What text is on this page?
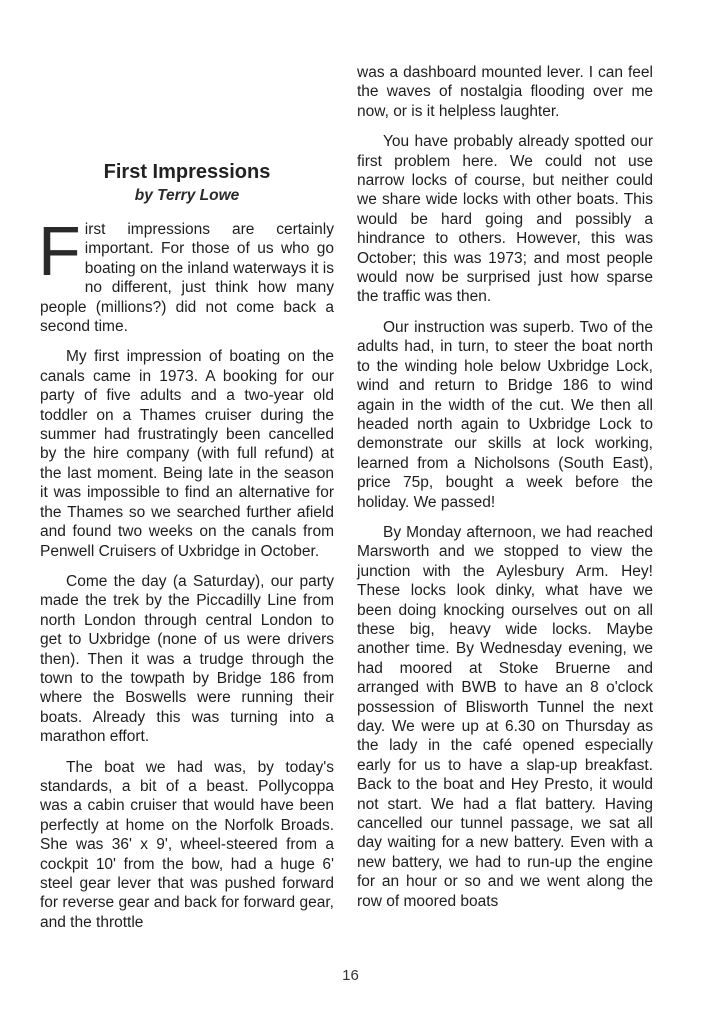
First Impressions
by Terry Lowe

First impressions are certainly important. For those of us who go boating on the inland waterways it is no different, just think how many people (millions?) did not come back a second time.

My first impression of boating on the canals came in 1973. A booking for our party of five adults and a two-year old toddler on a Thames cruiser during the summer had frustratingly been cancelled by the hire company (with full refund) at the last moment. Being late in the season it was impossible to find an alternative for the Thames so we searched further afield and found two weeks on the canals from Penwell Cruisers of Uxbridge in October.

Come the day (a Saturday), our party made the trek by the Piccadilly Line from north London through central London to get to Uxbridge (none of us were drivers then). Then it was a trudge through the town to the towpath by Bridge 186 from where the Boswells were running their boats. Already this was turning into a marathon effort.

The boat we had was, by today's standards, a bit of a beast. Pollycoppa was a cabin cruiser that would have been perfectly at home on the Norfolk Broads. She was 36' x 9', wheel-steered from a cockpit 10' from the bow, had a huge 6' steel gear lever that was pushed forward for reverse gear and back for forward gear, and the throttle

was a dashboard mounted lever. I can feel the waves of nostalgia flooding over me now, or is it helpless laughter.

You have probably already spotted our first problem here. We could not use narrow locks of course, but neither could we share wide locks with other boats. This would be hard going and possibly a hindrance to others. However, this was October; this was 1973; and most people would now be surprised just how sparse the traffic was then.

Our instruction was superb. Two of the adults had, in turn, to steer the boat north to the winding hole below Uxbridge Lock, wind and return to Bridge 186 to wind again in the width of the cut. We then all headed north again to Uxbridge Lock to demonstrate our skills at lock working, learned from a Nicholsons (South East), price 75p, bought a week before the holiday. We passed!

By Monday afternoon, we had reached Marsworth and we stopped to view the junction with the Aylesbury Arm. Hey! These locks look dinky, what have we been doing knocking ourselves out on all these big, heavy wide locks. Maybe another time. By Wednesday evening, we had moored at Stoke Bruerne and arranged with BWB to have an 8 o'clock possession of Blisworth Tunnel the next day. We were up at 6.30 on Thursday as the lady in the café opened especially early for us to have a slap-up breakfast. Back to the boat and Hey Presto, it would not start. We had a flat battery. Having cancelled our tunnel passage, we sat all day waiting for a new battery. Even with a new battery, we had to run-up the engine for an hour or so and we went along the row of moored boats

16
